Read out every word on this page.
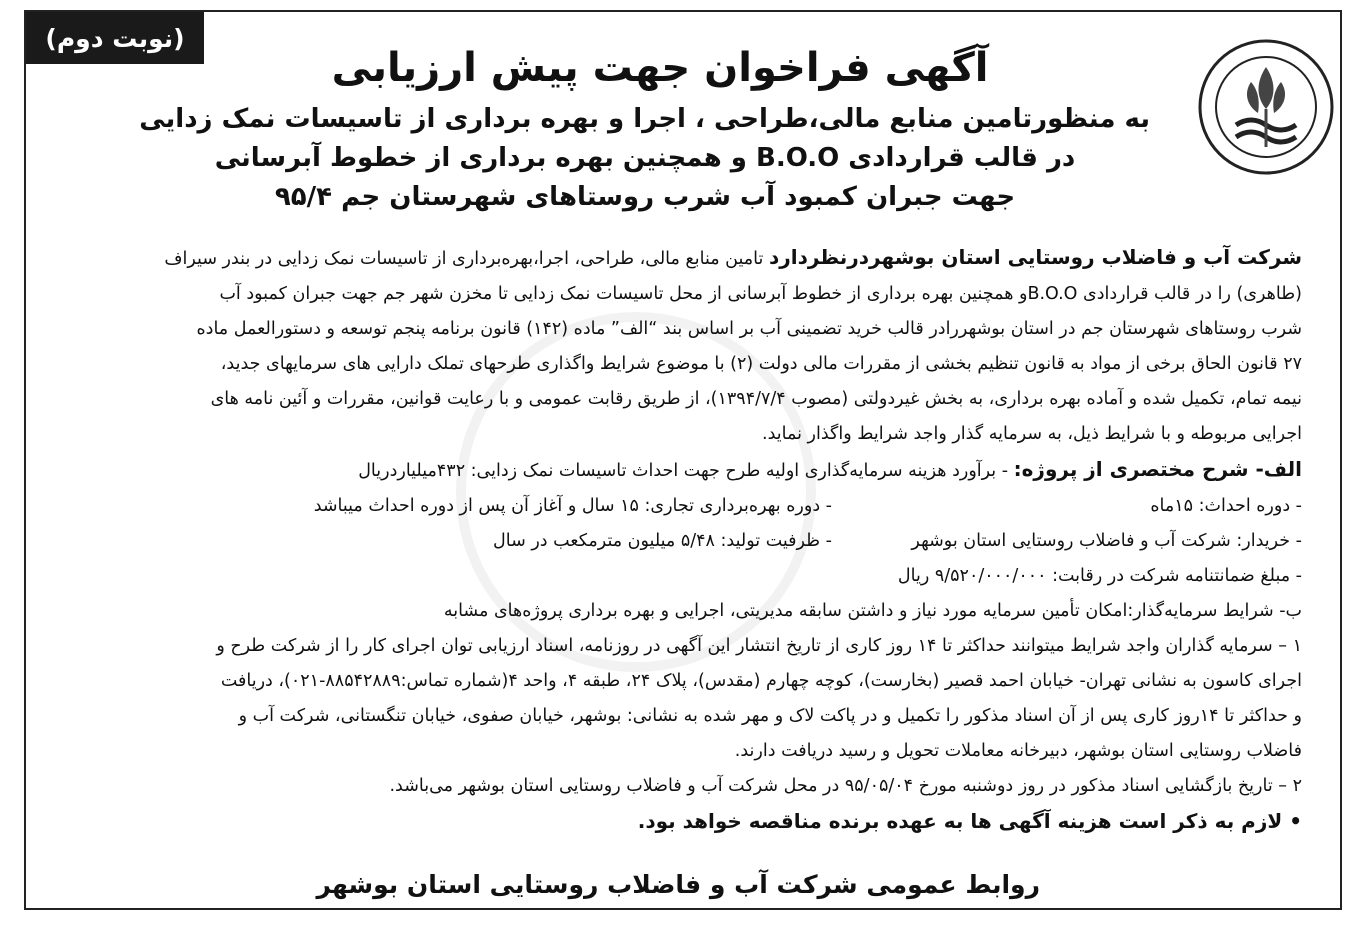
(نوبت دوم)
آگهی فراخوان جهت پیش ارزیابی
به منظورتامین منابع مالی،طراحی ، اجرا و بهره برداری از تاسیسات نمک زدایی
در قالب قراردادی B.O.O و همچنین بهره برداری از خطوط آبرسانی
جهت جبران کمبود آب شرب روستاهای شهرستان جم ۹۵/۴
شرکت آب و فاضلاب روستایی استان بوشهردرنظردارد تامین منابع مالی، طراحی، اجرا،بهره‌برداری از تاسیسات نمک زدایی در بندر سیراف
(طاهری) را در قالب قراردادی B.O.Oو همچنین بهره برداری از خطوط آبرسانی از محل تاسیسات نمک زدایی تا مخزن شهر جم جهت جبران کمبود آب
شرب روستاهای شهرستان جم در استان بوشهررادر قالب خرید تضمینی آب بر اساس بند “الف” ماده (۱۴۲) قانون برنامه پنجم توسعه و دستورالعمل ماده
۲۷ قانون الحاق برخی از مواد به قانون تنظیم بخشی از مقررات مالی دولت (۲) با موضوع شرایط واگذاری طرحهای تملک دارایی های سرمایهای جدید،
نیمه تمام، تکمیل شده و آماده بهره برداری، به بخش غیردولتی (مصوب ۱۳۹۴/۷/۴)، از طریق رقابت عمومی و با رعایت قوانین، مقررات و آئین نامه های
اجرایی مربوطه و با شرایط ذیل، به سرمایه گذار واجد شرایط واگذار نماید.
الف- شرح مختصری از پروژه: - برآورد هزینه سرمایه‌گذاری اولیه طرح جهت احداث تاسیسات نمک زدایی: ۴۳۲میلیاردریال
- دوره احداث: ۱۵ماه
- دوره بهره‌برداری تجاری: ۱۵ سال و آغاز آن پس از دوره احداث میباشد
- خریدار: شرکت آب و فاضلاب روستایی استان بوشهر
- ظرفیت تولید: ۵/۴۸ میلیون مترمکعب در سال
- مبلغ ضمانتنامه شرکت در رقابت: ۹/۵۲۰/۰۰۰/۰۰۰ ریال
ب- شرایط سرمایه‌گذار:امکان تأمین سرمایه مورد نیاز و داشتن سابقه مدیریتی، اجرایی و بهره برداری پروژه‌های مشابه
۱ – سرمایه گذاران واجد شرایط میتوانند حداکثر تا ۱۴ روز کاری از تاریخ انتشار این آگهی در روزنامه، اسناد ارزیابی توان اجرای کار را از شرکت طرح و
اجرای کاسون به نشانی تهران- خیابان احمد قصیر (بخارست)، کوچه چهارم (مقدس)، پلاک ۲۴، طبقه ۴، واحد ۴(شماره تماس:۸۸۵۴۲۸۸۹-۰۲۱)، دریافت
و حداکثر تا ۱۴روز کاری پس از آن اسناد مذکور را تکمیل و در پاکت لاک و مهر شده به نشانی: بوشهر، خیابان صفوی، خیابان تنگستانی، شرکت آب و
فاضلاب روستایی استان بوشهر، دبیرخانه معاملات تحویل و رسید دریافت دارند.
۲ – تاریخ بازگشایی اسناد مذکور در روز دوشنبه مورخ ۹۵/۰۵/۰۴ در محل شرکت آب و فاضلاب روستایی استان بوشهر می‌باشد.
• لازم به ذکر است هزینه آگهی ها به عهده برنده مناقصه خواهد بود.
روابط عمومی شرکت آب و فاضلاب روستایی استان بوشهر
